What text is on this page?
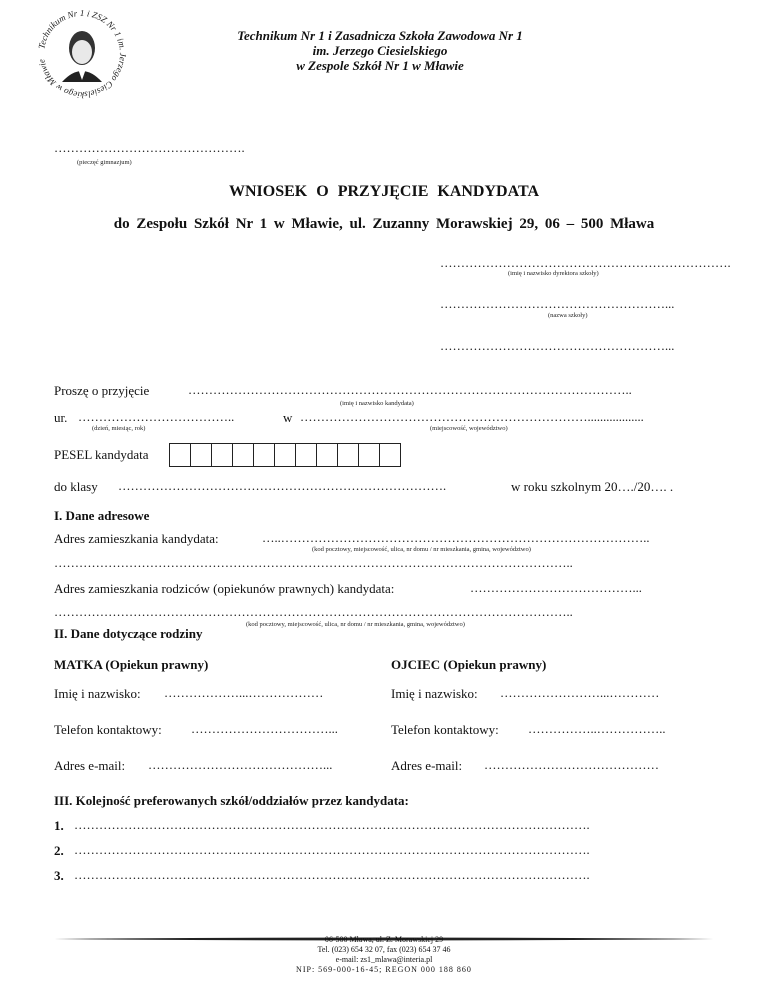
Technikum Nr 1 i ZSZ Nr 1 im. Jerzego Ciesielskiego w Mławie
Technikum Nr 1 i Zasadnicza Szkoła Zawodowa Nr 1
im. Jerzego Ciesielskiego
w Zespole Szkół Nr 1 w Mławie
……………………………………….
(pieczęć gimnazjum)
WNIOSEK O PRZYJĘCIE KANDYDATA
do Zespołu Szkół Nr 1 w Mławie, ul. Zuzanny Morawskiej 29, 06 – 500 Mława
…………………………………………………………….
(imię i nazwisko dyrektora szkoły)
………………………………………………...
(nazwa szkoły)
………………………………………………...
Proszę o przyjęcie	……………………………………………………………………………………………..
(imię i nazwisko kandydata)
ur. ………………………………..	w ……………………………………………………………..................
(dzień, miesiąc, rok)	(miejscowość, województwo)
PESEL kandydata
do klasy …………………………………………………………………….	w roku szkolnym 20…./20…. .
I. Dane adresowe
Adres zamieszkania kandydata:	…..……………………………………………………………………………..
(kod pocztowy, miejscowość, ulica, nr domu / nr mieszkania, gmina, województwo)
……………………………………………………………………………………………………………..
Adres zamieszkania rodziców (opiekunów prawnych) kandydata:	…………………………………...
……………………………………………………………………………………………………………..
(kod pocztowy, miejscowość, ulica, nr domu / nr mieszkania, gmina, województwo)
II. Dane dotyczące rodziny
MATKA (Opiekun prawny)	OJCIEC (Opiekun prawny)
Imię i nazwisko: ………………...………………	Imię i nazwisko: ……………………...…………
Telefon kontaktowy: ……………………………...	Telefon kontaktowy: ……………..……………..
Adres e-mail: ……………………………………...	Adres e-mail: ……………………………………
III. Kolejność preferowanych szkół/oddziałów przez kandydata:
1. …………………………………………………………………………………………………………….
2. …………………………………………………………………………………………………………….
3. …………………………………………………………………………………………………………….
06-500 Mława, ul. Z. Morawskiej 29
Tel. (023) 654 32 07, fax (023) 654 37 46
e-mail: zs1_mlawa@interia.pl
NIP: 569-000-16-45; REGON 000 188 860
